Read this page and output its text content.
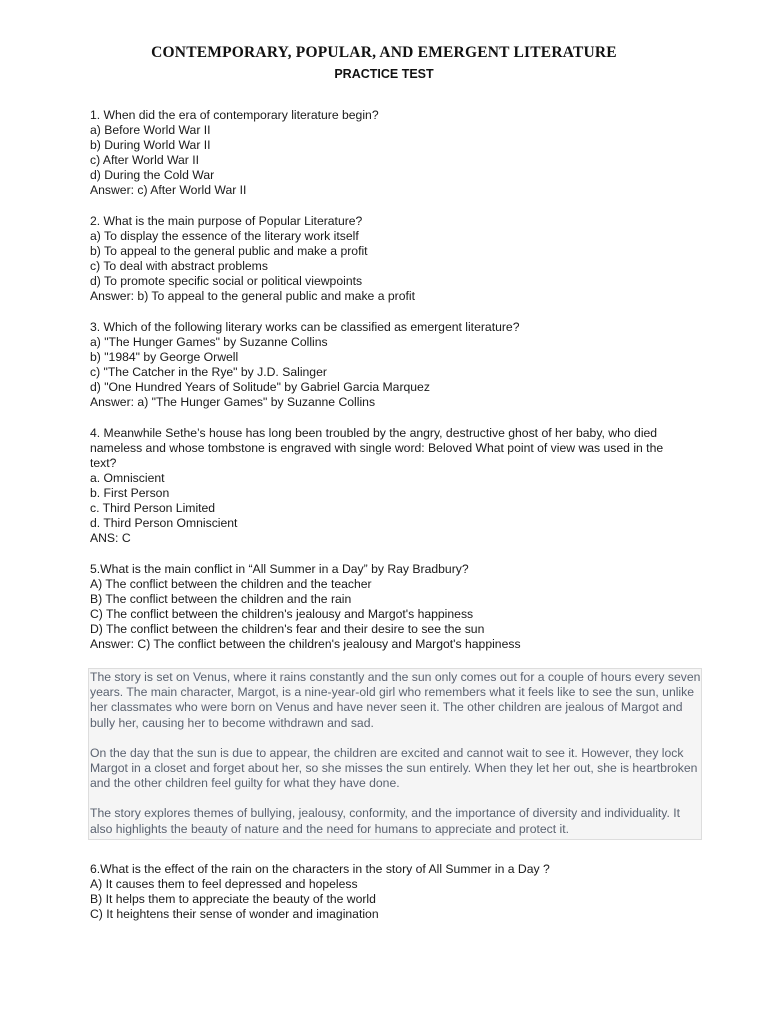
CONTEMPORARY, POPULAR, AND EMERGENT LITERATURE
PRACTICE TEST
1. When did the era of contemporary literature begin?
a) Before World War II
b) During World War II
c) After World War II
d) During the Cold War
Answer: c) After World War II
2. What is the main purpose of Popular Literature?
a) To display the essence of the literary work itself
b) To appeal to the general public and make a profit
c) To deal with abstract problems
d) To promote specific social or political viewpoints
Answer: b) To appeal to the general public and make a profit
3. Which of the following literary works can be classified as emergent literature?
a) "The Hunger Games" by Suzanne Collins
b) "1984" by George Orwell
c) "The Catcher in the Rye" by J.D. Salinger
d) "One Hundred Years of Solitude" by Gabriel Garcia Marquez
Answer: a) "The Hunger Games" by Suzanne Collins
4. Meanwhile Sethe’s house has long been troubled by the angry, destructive ghost of her baby, who died nameless and whose tombstone is engraved with single word: Beloved What point of view was used in the text?
a. Omniscient
b. First Person
c. Third Person Limited
d. Third Person Omniscient
ANS: C
5.What is the main conflict in “All Summer in a Day” by Ray Bradbury?
A) The conflict between the children and the teacher
B) The conflict between the children and the rain
C) The conflict between the children's jealousy and Margot's happiness
D) The conflict between the children's fear and their desire to see the sun
Answer: C) The conflict between the children's jealousy and Margot's happiness

The story is set on Venus, where it rains constantly and the sun only comes out for a couple of hours every seven years. The main character, Margot, is a nine-year-old girl who remembers what it feels like to see the sun, unlike her classmates who were born on Venus and have never seen it. The other children are jealous of Margot and bully her, causing her to become withdrawn and sad.

On the day that the sun is due to appear, the children are excited and cannot wait to see it. However, they lock Margot in a closet and forget about her, so she misses the sun entirely. When they let her out, she is heartbroken and the other children feel guilty for what they have done.

The story explores themes of bullying, jealousy, conformity, and the importance of diversity and individuality. It also highlights the beauty of nature and the need for humans to appreciate and protect it.

6.What is the effect of the rain on the characters in the story of All Summer in a Day ?
A) It causes them to feel depressed and hopeless
B) It helps them to appreciate the beauty of the world
C) It heightens their sense of wonder and imagination
